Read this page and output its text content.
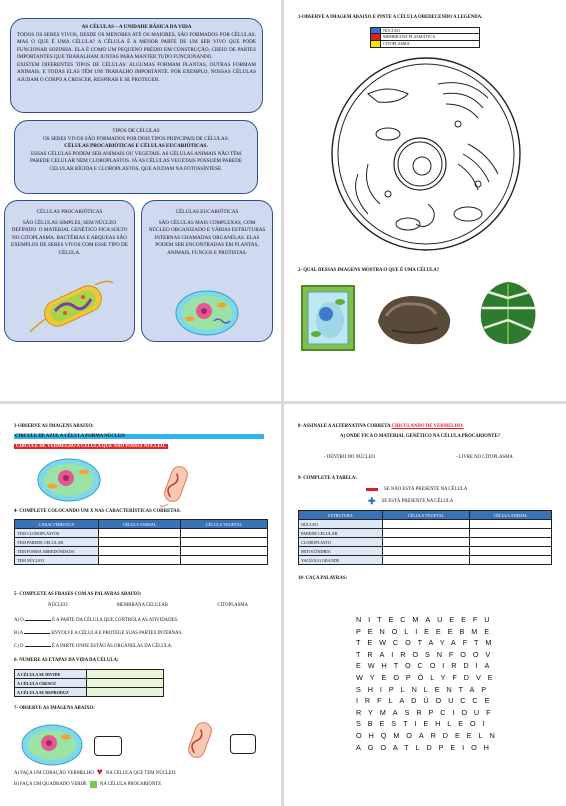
AS CÉLULAS – A UNIDADE BÁSICA DA VIDA
TODOS OS SERES VIVOS, DESDE OS MENORES ATÉ OS MAIORES, SÃO FORMADOS POR CÉLULAS. MAS O QUE É UMA CÉLULA? A CÉLULA É A MENOR PARTE DE UM SER VIVO QUE PODE FUNCIONAR SOZINHA. ELA É COMO UM PEQUENO PRÉDIO EM CONSTRUÇÃO, CHEIO DE PARTES IMPORTANTES QUE TRABALHAM JUNTAS PARA MANTER TUDO FUNCIONANDO.
EXISTEM DIFERENTES TIPOS DE CÉLULAS: ALGUMAS FORMAM PLANTAS, OUTRAS FORMAM ANIMAIS, E TODAS ELAS TÊM UM TRABALHO IMPORTANTE. POR EXEMPLO, NOSSAS CÉLULAS AJUDAM O CORPO A CRESCER, RESPIRAR E SE PROTEGER.
TIPOS DE CÉLULAS
OS SERES VIVOS SÃO FORMADOS POR DOIS TIPOS PRINCIPAIS DE CÉLULAS:
CÉLULAS PROCARIÓTICAS E CÉLULAS EUCARIÓTICAS.
ESSAS CÉLULAS PODEM SER ANIMAIS OU VEGETAIS. AS CÉLULAS ANIMAIS NÃO TÊM PAREDE CELULAR NEM CLOROPLASTOS. JÁ AS CÉLULAS VEGETAIS POSSUEM PAREDE CELULAR RÍGIDA E CLOROPLASTOS, QUE AJUDAM NA FOTOSSÍNTESE.
CÉLULAS PROCARIÓTICAS
SÃO CÉLULAS SIMPLES, SEM NÚCLEO DEFINIDO. O MATERIAL GENÉTICO FICA SOLTO NO CITOPLASMA. BACTÉRIAS E ARQUEAS SÃO EXEMPLOS DE SERES VIVOS COM ESSE TIPO DE CÉLULA.
CÉLULAS EUCARIÓTICAS
SÃO CÉLULAS MAIS COMPLEXAS, COM NÚCLEO ORGANIZADO E VÁRIAS ESTRUTURAS INTERNAS CHAMADAS ORGANELAS. ELAS PODEM SER ENCONTRADAS EM PLANTAS, ANIMAIS, FUNGOS E PROTISTAS.
1-OBSERVE A IMAGEM ABAIXO E PINTE A CÉLULA OBEDECENDO A LEGENDA.
NÚCLEO
MEMBRANA PLASMÁTICA
CITOPLASMA
2- QUAL DESSAS IMAGENS MOSTRA O QUE É UMA CÉLULA?
3-OBSERVE AS IMAGENS ABAIXO:
CIRCULE DE AZUL A CÉLULA FORMA NÚCLEO
CIRCULE DE VERMELHO A CÉLULA QUE NÃO POSSUI NÚCLEO.
4- COMPLETE COLOCANDO UM X NAS CARACTERÍSTICAS CORRETAS:
CARACTERÍSTICA	CÉLULA ANIMAL	CÉLULA VEGETAL
TEM CLOROPLASTOS		
TEM PAREDE CELULAR		
TEM FORMA ARREDONDADA		
TEM NÚCLEO		
5- COMPLETE AS FRASES COM AS PALAVRAS ABAIXO:
NÚCLEO	MEMBRANA CELULAR	CITOPLASMA
A) O	É A PARTE DA CÉLULA QUE CONTROLA AS ATIVIDADES.
B) A	ENVOLVE A CÉLULA E PROTEGE SUAS PARTES INTERNAS.
C) O	É A PARTE ONDE ESTÃO AS ORGANELAS DA CÉLULA.
6- NUMERE AS ETAPAS DA VIDA DA CÉLULA:
A CÉLULA SE DIVIDE	
A CÉLULA CRESCE	
A CÉLULA SE REPRODUZ	
7- OBSERVE AS IMAGENS ABAIXO:
A) FAÇA UM CORAÇÃO VERMELHO ♥ NA CÉLULA QUE TEM NÚCLEO:
B) FAÇA UM QUADRADO VERDE	NA CÉLULA PROCARIONTE
8- ASSINALE A ALTERNATIVA CORRETA CIRCULANDO DE VERMELHO:
A) ONDE FICA O MATERIAL GENÉTICO NA CÉLULA PROCARIONTE?
- DENTRO DO NÚCLEO	- LIVRE NO CITOPLASMA
9- COMPLETE A TABELA:
SE NÃO ESTÁ PRESENTE NA CÉLULA
✚ SE ESTÁ PRESENTE NA CÉLULA
ESTRUTURA	CÉLULA VEGETAL	CÉLULA ANIMAL
NÚCLEO		
PAREDE CELULAR		
CLOROPLASTO		
MITOCÔNDRIA		
VACÚOLO GRANDE		
10- CAÇA PALAVRAS:
NITECMAUEEFU
PENOLIEEEBME
TEWCOTAYAFTM
TRAIROSNFOOV
EWHTOCOIRDIA
WYEOPÓLYFDVE
SHIPLNLENTAP
IRFLADÚOUCCE
RYMASRPCIOUF
SBESTIEHLEOI
OHQMOARDEELN
AGOATLDPEIOH
